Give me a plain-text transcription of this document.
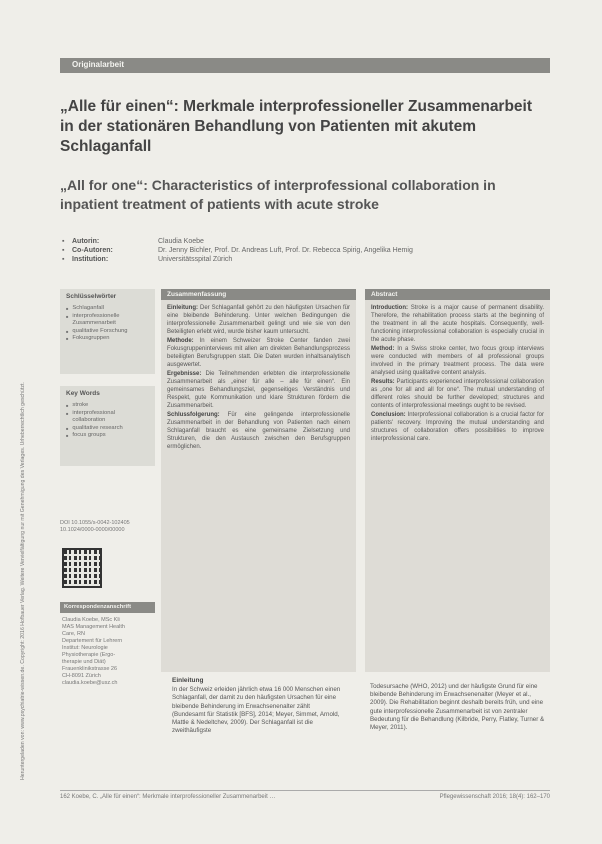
Heruntergeladen von: www.psychiatrie-wissen.de. Copyright: 2016 Hofbauer Verlag. Weitere Vervielfältigung nur mit Genehmigung des Verlages. Urheberrechtlich geschützt.
Originalarbeit
„Alle für einen“: Merkmale interprofessioneller Zusammenarbeit in der stationären Behandlung von Patienten mit akutem Schlaganfall
„All for one“: Characteristics of interprofessional collaboration in inpatient treatment of patients with acute stroke
▪	Autorin:	Claudia Koebe
▪	Co-Autoren:	Dr. Jenny Bichler, Prof. Dr. Andreas Luft, Prof. Dr. Rebecca Spirig, Angelika Hemig
▪	Institution:	Universitätsspital Zürich
Schlüsselwörter
■ Schlaganfall
■ interprofessionelle Zusammenarbeit
■ qualitative Forschung
■ Fokusgruppen
Key Words
■ stroke
■ interprofessional collaboration
■ qualitative research
■ focus groups
DOI 10.1055/s-0042-102405 10.1024/0000-0000/00000
Korrespondenzanschrift
Claudia Koebe, MSc Kli
MAS Management Health
Care, RN
Departement für Lehrern
Institut: Neurologie
Physiotherapie (Ergo-
therapie und Diät)
Frauenklinikstrasse 26
CH-8091 Zürich
claudia.koebe@usz.ch
Zusammenfassung

Einleitung: Der Schlaganfall gehört zu den häufigsten Ursachen für eine bleibende Behinderung. Unter welchen Bedingungen die interprofessionelle Zusammenarbeit gelingt und wie sie von den Beteiligten erlebt wird, wurde bisher kaum untersucht.

Methode: In einem Schweizer Stroke Center fanden zwei Fokusgruppeninterviews mit allen am direkten Behandlungsprozess beteiligten Berufsgruppen statt. Die Daten wurden inhaltsanalytisch ausgewertet.

Ergebnisse: Die Teilnehmenden erlebten die interprofessionelle Zusammenarbeit als „einer für alle – alle für einen“. Ein gemeinsames Behandlungsziel, gegenseitiges Verständnis und Respekt, gute Kommunikation und klare Strukturen fördern die Zusammenarbeit.

Schlussfolgerung: Für eine gelingende interprofessionelle Zusammenarbeit in der Behandlung von Patienten nach einem Schlaganfall braucht es eine gemeinsame Zielsetzung und Strukturen, die den Austausch zwischen den Berufsgruppen ermöglichen.

Abstract

Introduction: Stroke is a major cause of permanent disability. Therefore, the rehabilitation process starts at the beginning of the treatment in all the acute hospitals. Consequently, well-functioning interprofessional collaboration is especially crucial in the acute phase.

Method: In a Swiss stroke center, two focus group interviews were conducted with members of all professional groups involved in the primary treatment process. The data were analysed using qualitative content analysis.

Results: Participants experienced interprofessional collaboration as „one for all and all for one“. The mutual understanding of different roles should be further developed; structures and contents of interprofessional meetings ought to be revised.

Conclusion: Interprofessional collaboration is a crucial factor for patients' recovery. Improving the mutual understanding and structures of collaboration offers possibilities to improve interprofessional care.

Einleitung
In der Schweiz erleiden jährlich etwa 16 000 Menschen einen Schlaganfall, der damit zu den häufigsten Ursachen für eine bleibende Behinderung im Erwachsenenalter zählt (Bundesamt für Statistik [BFS], 2014; Meyer, Simmet, Arnold, Mattle & Nedeltchev, 2009). Der Schlaganfall ist die zweithäufigste
Todesursache (WHO, 2012) und der häufigste Grund für eine bleibende Behinderung im Erwachsenenalter (Meyer et al., 2009). Die Rehabilitation beginnt deshalb bereits früh, und eine gute interprofessionelle Zusammenarbeit ist von zentraler Bedeutung für die Behandlung (Kilbride, Perry, Flatley, Turner & Meyer, 2011).
162 Koebe, C. „Alle für einen“: Merkmale interprofessioneller Zusammenarbeit …	Pflegewissenschaft 2016; 18(4): 162–170
